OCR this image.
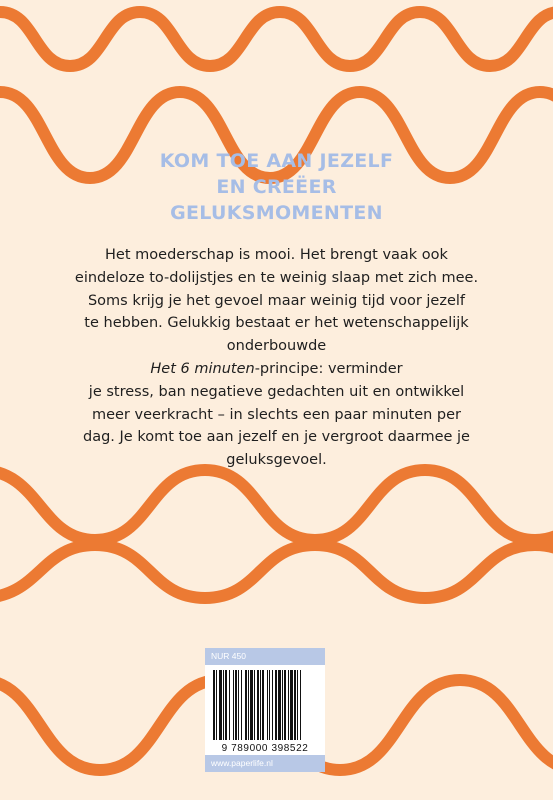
KOM TOE AAN JEZELF
EN CREËER
GELUKSMOMENTEN

Het moederschap is mooi. Het brengt vaak ook
eindeloze to-dolijstjes en te weinig slaap met zich mee.
Soms krijg je het gevoel maar weinig tijd voor jezelf
te hebben. Gelukkig bestaat er het wetenschappelijk
onderbouwde
Het 6 minuten-principe: verminder
je stress, ban negatieve gedachten uit en ontwikkel
meer veerkracht – in slechts een paar minuten per
dag. Je komt toe aan jezelf en je vergroot daarmee je
geluksgevoel.

NUR 450
9 789000 398522
www.paperlife.nl
